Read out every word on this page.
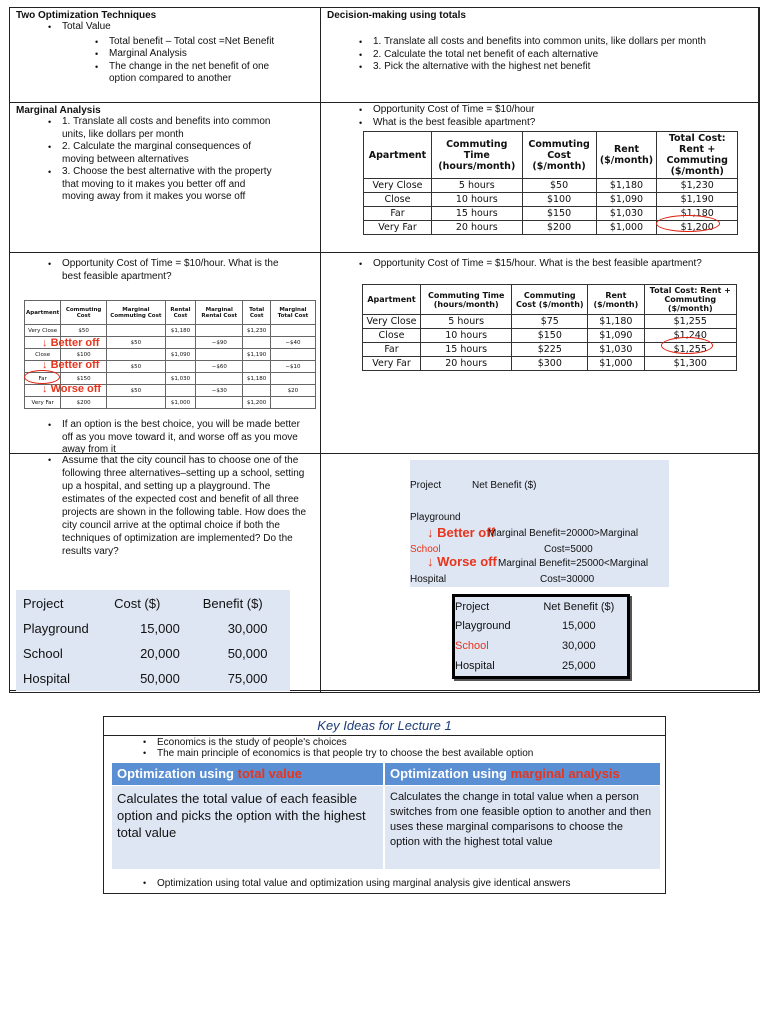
Two Optimization Techniques
• Total Value
• Total benefit – Total cost =Net Benefit
• Marginal Analysis
• The change in the net benefit of one option compared to another
Decision-making using totals
• 1. Translate all costs and benefits into common units, like dollars per month
• 2. Calculate the total net benefit of each alternative
• 3. Pick the alternative with the highest net benefit
Marginal Analysis
• 1. Translate all costs and benefits into common units, like dollars per month
• 2. Calculate the marginal consequences of moving between alternatives
• 3. Choose the best alternative with the property that moving to it makes you better off and moving away from it makes you worse off
• Opportunity Cost of Time = $10/hour
• What is the best feasible apartment?
Apartment	Commuting Time (hours/month)	Commuting Cost ($/month)	Rent ($/month)	Total Cost: Rent + Commuting ($/month)
Very Close	5 hours	$50	$1,180	$1,230
Close	10 hours	$100	$1,090	$1,190
Far	15 hours	$150	$1,030	$1,180
Very Far	20 hours	$200	$1,000	$1,200
• Opportunity Cost of Time = $10/hour. What is the best feasible apartment?
Apartment	Commuting Cost	Marginal Commuting Cost	Rental Cost	Marginal Rental Cost	Total Cost	Marginal Total Cost
Very Close	$50		$1,180		$1,230	
		$50		−$90		−$40
Close	$100		$1,090		$1,190	
		$50		−$60		−$10
Far	$150		$1,030		$1,180	
		$50		−$30		$20
Very Far	$200		$1,000		$1,200	
↓ Better off
↓ Better off
↓ Worse off
• If an option is the best choice, you will be made better off as you move toward it, and worse off as you move away from it
• Opportunity Cost of Time = $15/hour. What is the best feasible apartment?
Apartment	Commuting Time (hours/month)	Commuting Cost ($/month)	Rent ($/month)	Total Cost: Rent + Commuting ($/month)
Very Close	5 hours	$75	$1,180	$1,255
Close	10 hours	$150	$1,090	$1,240
Far	15 hours	$225	$1,030	$1,255
Very Far	20 hours	$300	$1,000	$1,300
• Assume that the city council has to choose one of the following three alternatives–setting up a school, setting up a hospital, and setting up a playground. The estimates of the expected cost and benefit of all three projects are shown in the following table. How does the city council arrive at the optimal choice if both the techniques of optimization are implemented? Do the results vary?
Project	Cost ($)	Benefit ($)
Playground	15,000	30,000
School	20,000	50,000
Hospital	50,000	75,000
Project	Net Benefit ($)
Playground
↓ Better off
Marginal Benefit=20000>Marginal
School	Cost=5000
↓ Worse off Marginal Benefit=25000<Marginal
Hospital	Cost=30000
Project	Net Benefit ($)
Playground	15,000
School	30,000
Hospital	25,000
Key Ideas for Lecture 1
• Economics is the study of people's choices
• The main principle of economics is that people try to choose the best available option
Optimization using total value	Optimization using marginal analysis
Calculates the total value of each feasible option and picks the option with the highest total value
Calculates the change in total value when a person switches from one feasible option to another and then uses these marginal comparisons to choose the option with the highest total value
• Optimization using total value and optimization using marginal analysis give identical answers
